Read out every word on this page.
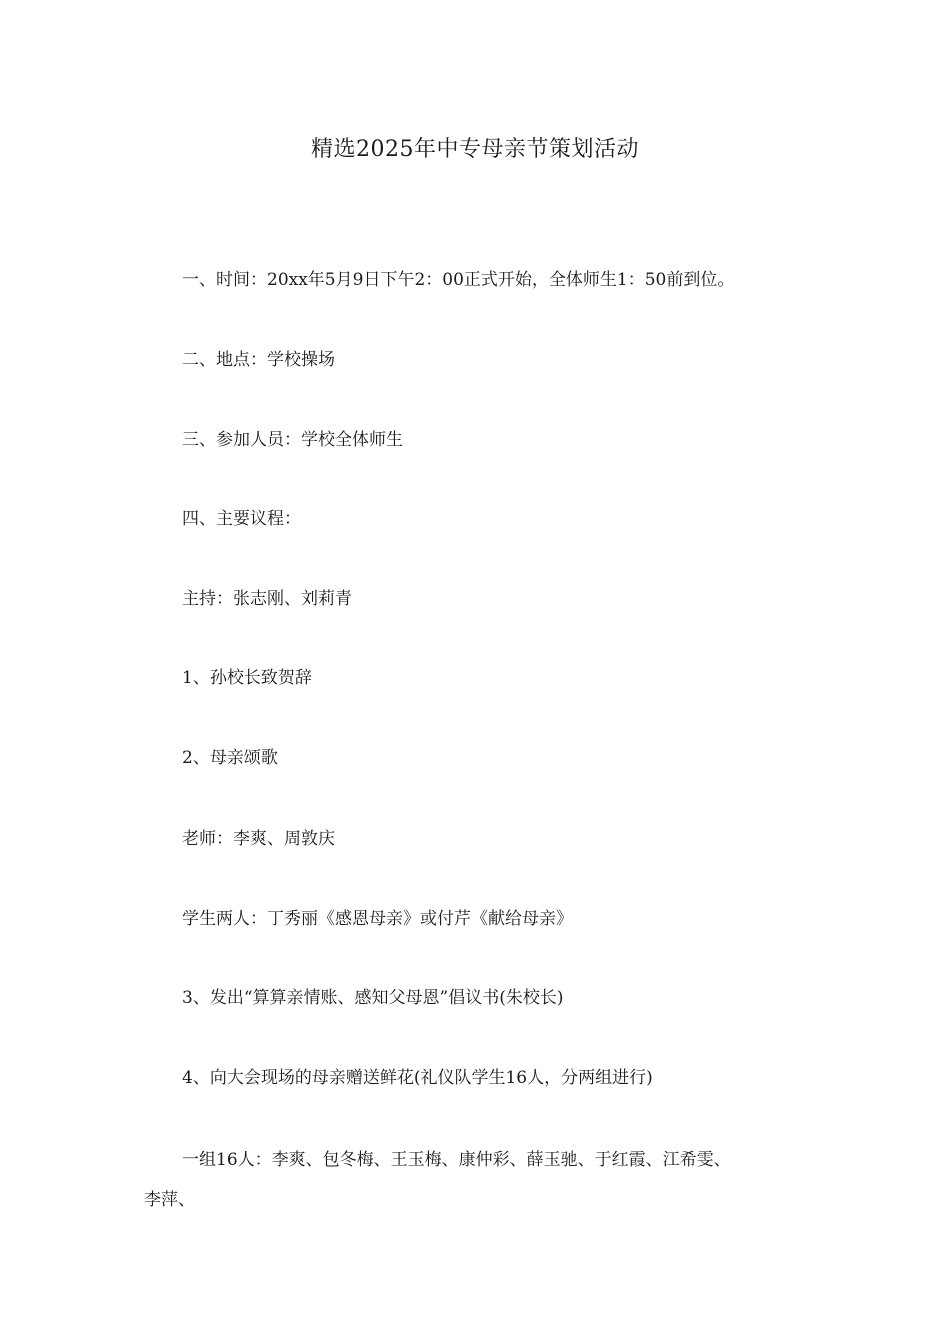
精选2025年中专母亲节策划活动
一、时间：20xx年5月9日下午2：00正式开始，全体师生1：50前到位。
二、地点：学校操场
三、参加人员：学校全体师生
四、主要议程：
主持：张志刚、刘莉青
1、孙校长致贺辞
2、母亲颂歌
老师：李爽、周敦庆
学生两人：丁秀丽《感恩母亲》或付芹《献给母亲》
3、发出“算算亲情账、感知父母恩”倡议书(朱校长)
4、向大会现场的母亲赠送鲜花(礼仪队学生16人，分两组进行)
一组16人：李爽、包冬梅、王玉梅、康仲彩、薛玉驰、于红霞、江希雯、
李萍、
